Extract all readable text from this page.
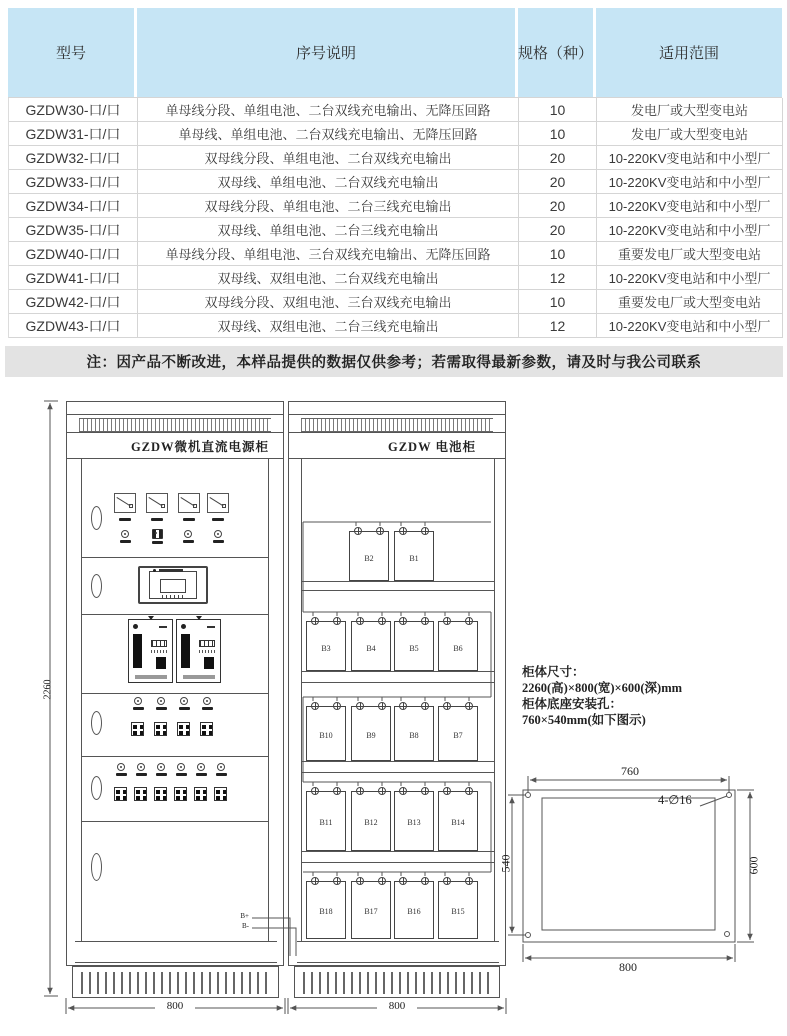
型号	序号说明	规格（种）	适用范围
GZDW30-口/口	单母线分段、单组电池、二台双线充电输出、无降压回路	10	发电厂或大型变电站
GZDW31-口/口	单母线、单组电池、二台双线充电输出、无降压回路	10	发电厂或大型变电站
GZDW32-口/口	双母线分段、单组电池、二台双线充电输出	20	10-220KV变电站和中小型厂
GZDW33-口/口	双母线、单组电池、二台双线充电输出	20	10-220KV变电站和中小型厂
GZDW34-口/口	双母线分段、单组电池、二台三线充电输出	20	10-220KV变电站和中小型厂
GZDW35-口/口	双母线、单组电池、二台三线充电输出	20	10-220KV变电站和中小型厂
GZDW40-口/口	单母线分段、单组电池、三台双线充电输出、无降压回路	10	重要发电厂或大型变电站
GZDW41-口/口	双母线、双组电池、二台双线充电输出	12	10-220KV变电站和中小型厂
GZDW42-口/口	双母线分段、双组电池、三台双线充电输出	10	重要发电厂或大型变电站
GZDW43-口/口	双母线、双组电池、二台三线充电输出	12	10-220KV变电站和中小型厂
注：因产品不断改进，本样品提供的数据仅供参考；若需取得最新参数，请及时与我公司联系
GZDW微机直流电源柜
B+
B-
GZDW 电池柜
B2	B1
B3	B4	B5	B6
B10	B9	B8	B7
B11	B12	B13	B14
B18	B17	B16	B15
2260
800	800
柜体尺寸：
2260(高)×800(宽)×600(深)mm
柜体底座安装孔：
760×540mm(如下图示)
760
800
540	600
4-∅16
